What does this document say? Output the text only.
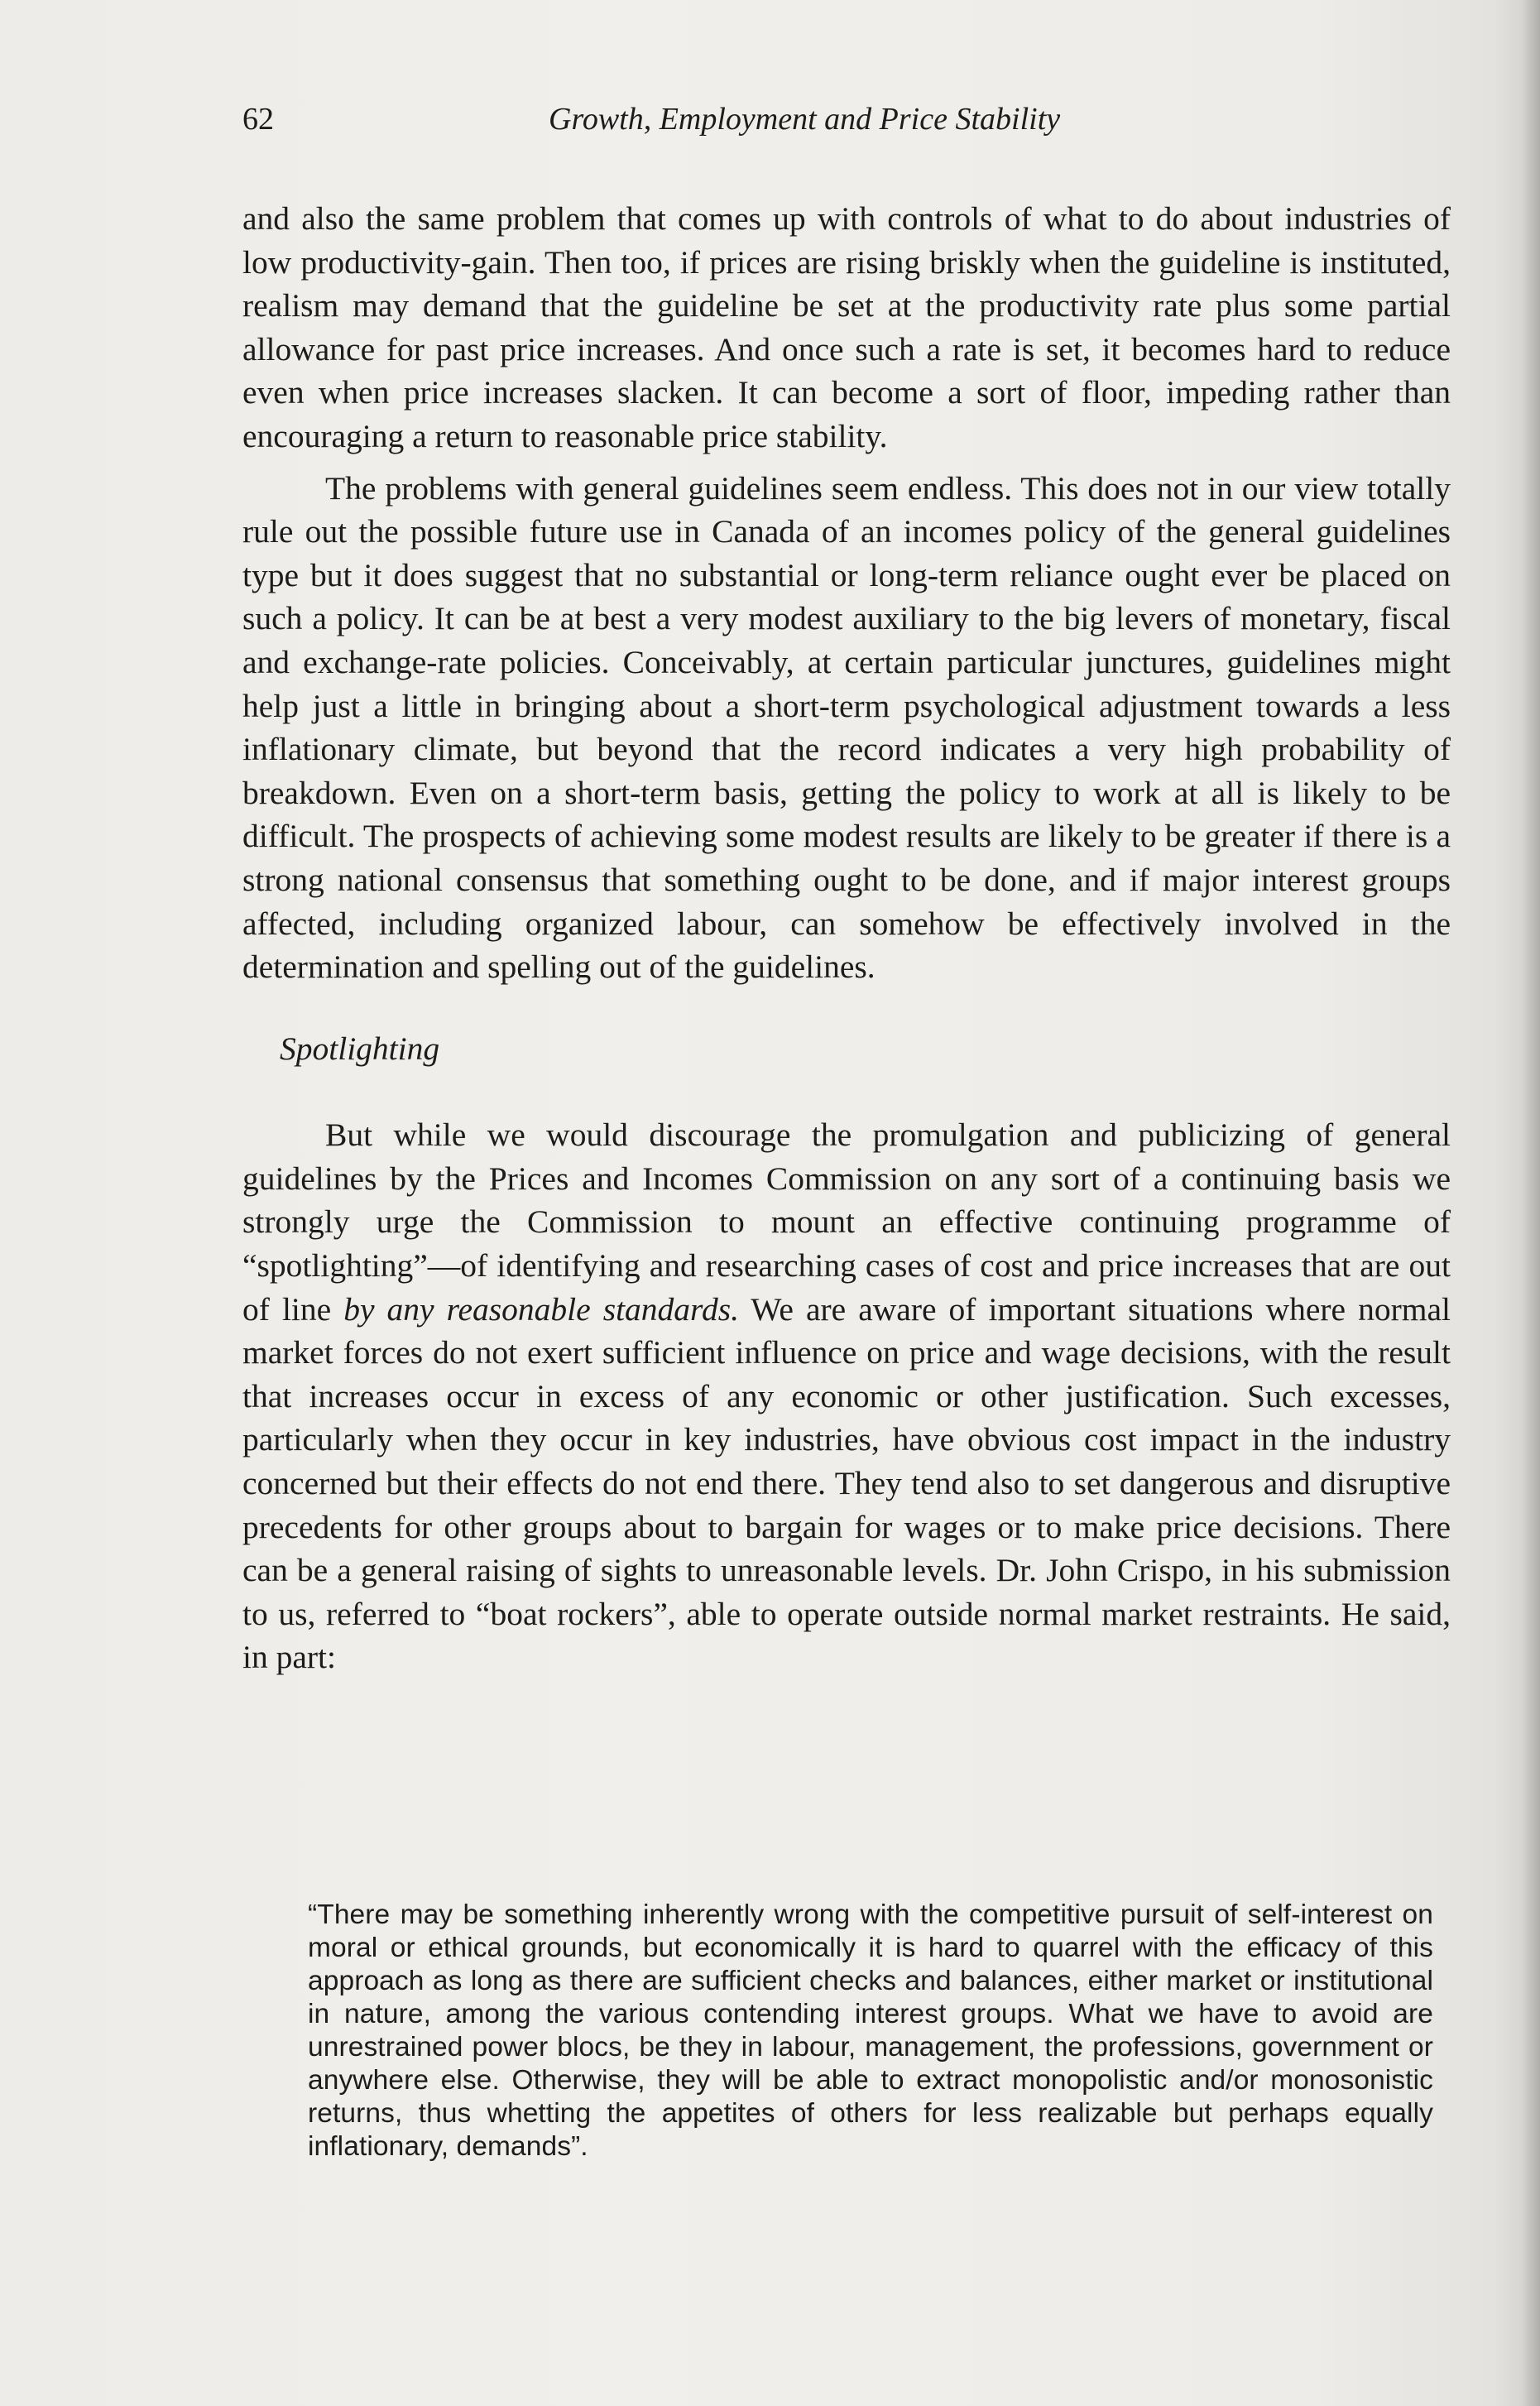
62	Growth, Employment and Price Stability

and also the same problem that comes up with controls of what to do about industries of low productivity-gain. Then too, if prices are rising briskly when the guideline is instituted, realism may demand that the guideline be set at the productivity rate plus some partial allowance for past price increases. And once such a rate is set, it becomes hard to reduce even when price increases slacken. It can become a sort of floor, impeding rather than encouraging a return to reasonable price stability.

The problems with general guidelines seem endless. This does not in our view totally rule out the possible future use in Canada of an incomes policy of the general guidelines type but it does suggest that no substantial or long-term reliance ought ever be placed on such a policy. It can be at best a very modest auxiliary to the big levers of monetary, fiscal and exchange-rate policies. Conceivably, at certain particular junctures, guidelines might help just a little in bringing about a short-term psychological adjustment towards a less inflationary climate, but beyond that the record indicates a very high probability of breakdown. Even on a short-term basis, getting the policy to work at all is likely to be difficult. The prospects of achieving some modest results are likely to be greater if there is a strong national consensus that something ought to be done, and if major interest groups affected, including organized labour, can somehow be effectively involved in the determination and spelling out of the guidelines.

Spotlighting

But while we would discourage the promulgation and publicizing of general guidelines by the Prices and Incomes Commission on any sort of a continuing basis we strongly urge the Commission to mount an effective continuing programme of “spotlighting”—of identifying and researching cases of cost and price increases that are out of line by any reasonable standards. We are aware of important situations where normal market forces do not exert sufficient influence on price and wage decisions, with the result that increases occur in excess of any economic or other justification. Such excesses, particularly when they occur in key industries, have obvious cost impact in the industry concerned but their effects do not end there. They tend also to set dangerous and disruptive precedents for other groups about to bargain for wages or to make price decisions. There can be a general raising of sights to unreasonable levels. Dr. John Crispo, in his submission to us, referred to “boat rockers”, able to operate outside normal market restraints. He said, in part:

“There may be something inherently wrong with the competitive pursuit of self-interest on moral or ethical grounds, but economically it is hard to quarrel with the efficacy of this approach as long as there are sufficient checks and balances, either market or institutional in nature, among the various contending interest groups. What we have to avoid are unrestrained power blocs, be they in labour, management, the professions, government or anywhere else. Otherwise, they will be able to extract monopolistic and/or monosonistic returns, thus whetting the appetites of others for less realizable but perhaps equally inflationary, demands”.
